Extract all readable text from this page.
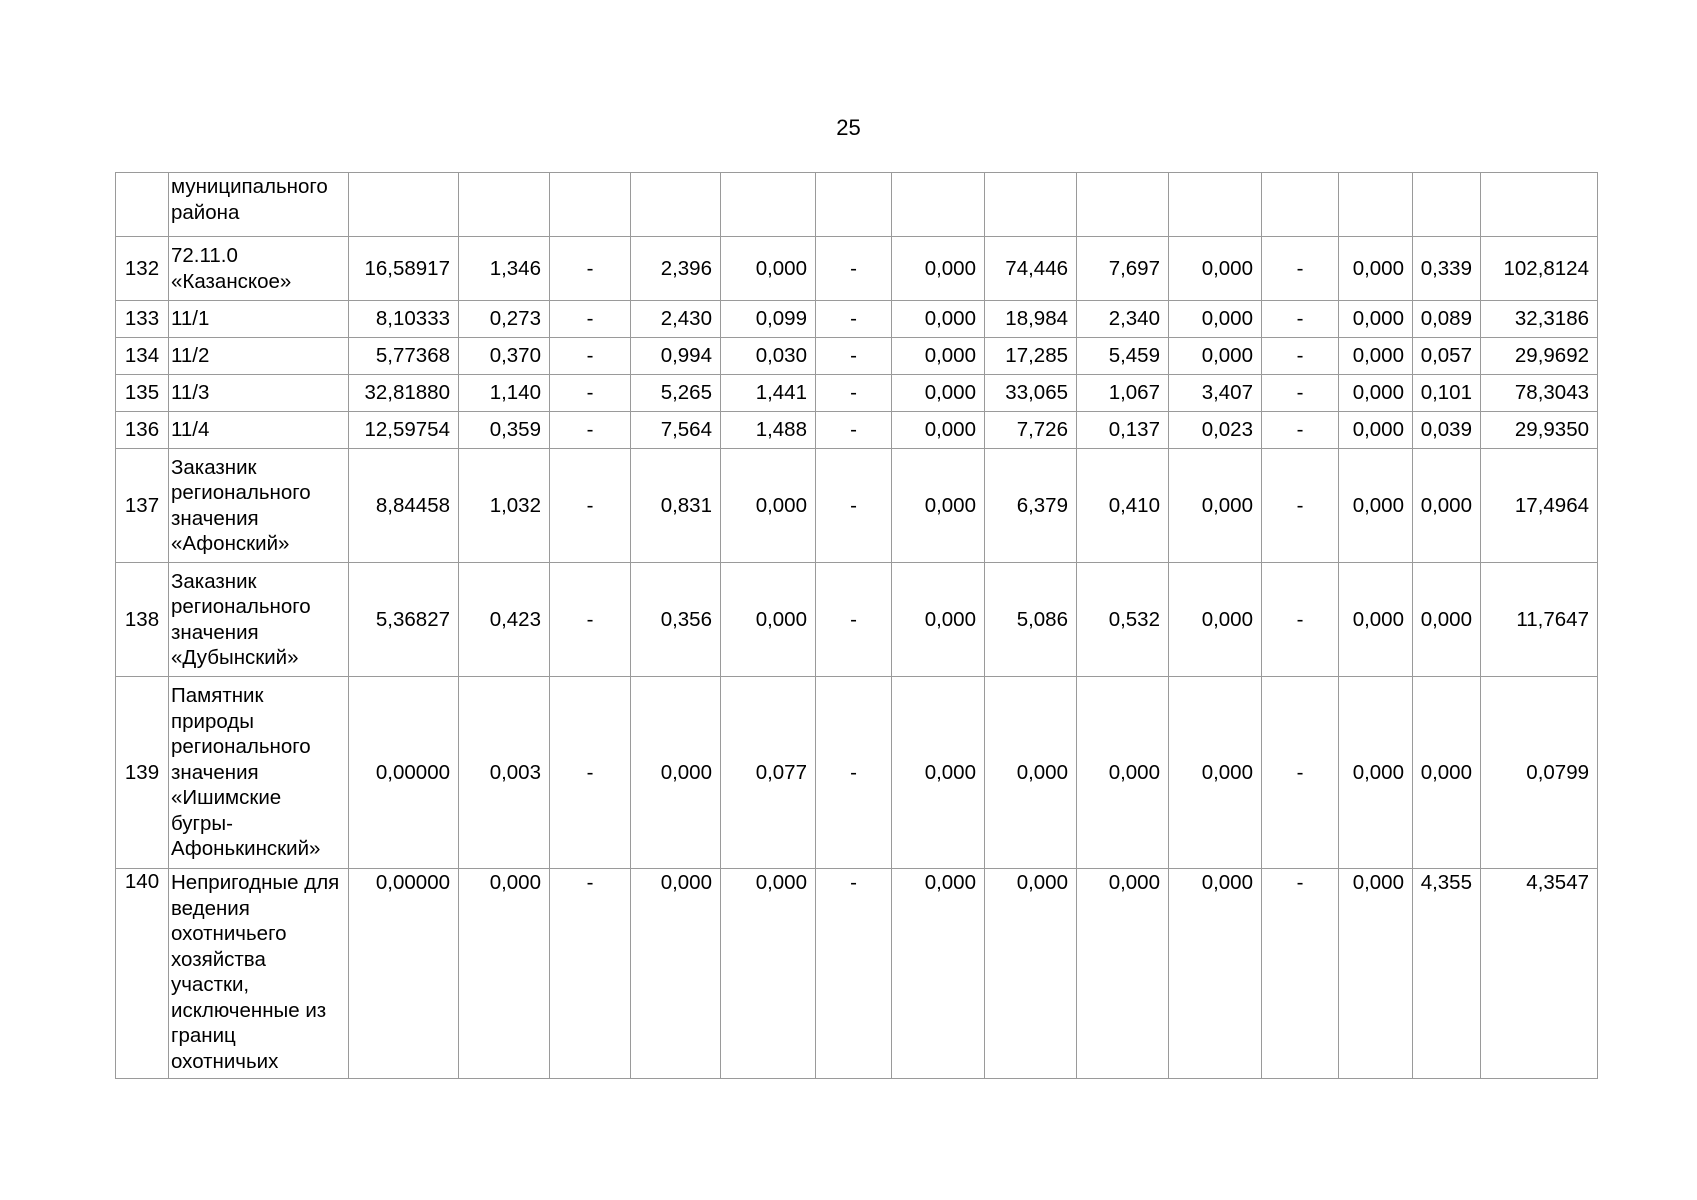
25
	муниципального района														
132	72.11.0 «Казанское»	16,58917	1,346	-	2,396	0,000	-	0,000	74,446	7,697	0,000	-	0,000	0,339	102,8124
133	11/1	8,10333	0,273	-	2,430	0,099	-	0,000	18,984	2,340	0,000	-	0,000	0,089	32,3186
134	11/2	5,77368	0,370	-	0,994	0,030	-	0,000	17,285	5,459	0,000	-	0,000	0,057	29,9692
135	11/3	32,81880	1,140	-	5,265	1,441	-	0,000	33,065	1,067	3,407	-	0,000	0,101	78,3043
136	11/4	12,59754	0,359	-	7,564	1,488	-	0,000	7,726	0,137	0,023	-	0,000	0,039	29,9350
137	Заказник регионального значения «Афонский»	8,84458	1,032	-	0,831	0,000	-	0,000	6,379	0,410	0,000	-	0,000	0,000	17,4964
138	Заказник регионального значения «Дубынский»	5,36827	0,423	-	0,356	0,000	-	0,000	5,086	0,532	0,000	-	0,000	0,000	11,7647
139	Памятник природы регионального значения «Ишимские бугры-Афонькинский»	0,00000	0,003	-	0,000	0,077	-	0,000	0,000	0,000	0,000	-	0,000	0,000	0,0799
140	Непригодные для ведения охотничьего хозяйства участки, исключенные из границ охотничьих	0,00000	0,000	-	0,000	0,000	-	0,000	0,000	0,000	0,000	-	0,000	4,355	4,3547
